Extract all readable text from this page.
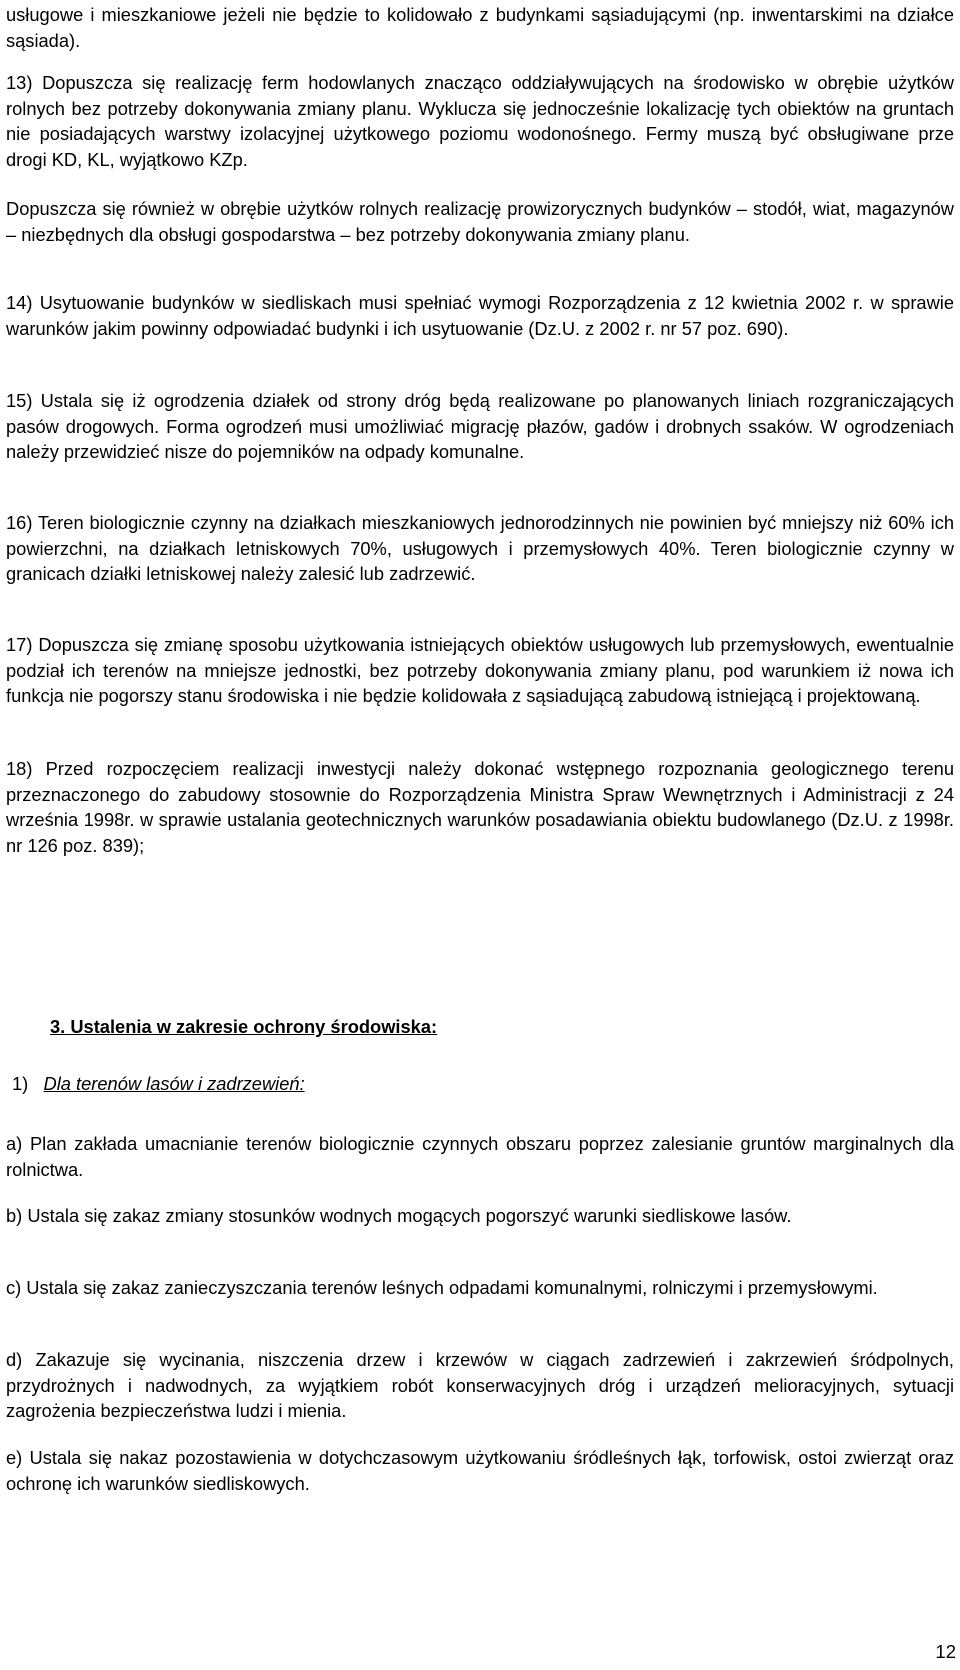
usługowe i mieszkaniowe jeżeli nie będzie to kolidowało z budynkami sąsiadującymi (np. inwentarskimi na działce sąsiada).

13) Dopuszcza się realizację ferm hodowlanych znacząco oddziaływujących na środowisko w obrębie użytków rolnych bez potrzeby dokonywania zmiany planu. Wyklucza się jednocześnie lokalizację tych obiektów na gruntach nie posiadających warstwy izolacyjnej użytkowego poziomu wodonośnego. Fermy muszą być obsługiwane prze drogi KD, KL, wyjątkowo KZp.

Dopuszcza się również w obrębie użytków rolnych realizację prowizorycznych budynków – stodół, wiat, magazynów – niezbędnych dla obsługi gospodarstwa – bez potrzeby dokonywania zmiany planu.

14) Usytuowanie budynków w siedliskach musi spełniać wymogi Rozporządzenia z 12 kwietnia 2002 r. w sprawie warunków jakim powinny odpowiadać budynki i ich usytuowanie (Dz.U. z 2002 r. nr 57 poz. 690).

15) Ustala się iż ogrodzenia działek od strony dróg będą realizowane po planowanych liniach rozgraniczających pasów drogowych. Forma ogrodzeń musi umożliwiać migrację płazów, gadów i drobnych ssaków. W ogrodzeniach należy przewidzieć nisze do pojemników na odpady komunalne.

16) Teren biologicznie czynny na działkach mieszkaniowych jednorodzinnych nie powinien być mniejszy niż 60% ich powierzchni, na działkach letniskowych 70%, usługowych i przemysłowych 40%. Teren biologicznie czynny w granicach działki letniskowej należy zalesić lub zadrzewić.

17) Dopuszcza się zmianę sposobu użytkowania istniejących obiektów usługowych lub przemysłowych, ewentualnie podział ich terenów na mniejsze jednostki, bez potrzeby dokonywania zmiany planu, pod warunkiem iż nowa ich funkcja nie pogorszy stanu środowiska i nie będzie kolidowała z sąsiadującą zabudową istniejącą i projektowaną.

18) Przed rozpoczęciem realizacji inwestycji należy dokonać wstępnego rozpoznania geologicznego terenu przeznaczonego do zabudowy stosownie do Rozporządzenia Ministra Spraw Wewnętrznych i Administracji z 24 września 1998r. w sprawie ustalania geotechnicznych warunków posadawiania obiektu budowlanego (Dz.U. z 1998r. nr 126 poz. 839);

3. Ustalenia w zakresie ochrony środowiska:

1) Dla terenów lasów i zadrzewień:

a) Plan zakłada umacnianie terenów biologicznie czynnych obszaru poprzez zalesianie gruntów marginalnych dla rolnictwa.

b) Ustala się zakaz zmiany stosunków wodnych mogących pogorszyć warunki siedliskowe lasów.

c) Ustala się zakaz zanieczyszczania terenów leśnych odpadami komunalnymi, rolniczymi i przemysłowymi.

d) Zakazuje się wycinania, niszczenia drzew i krzewów w ciągach zadrzewień i zakrzewień śródpolnych, przydrożnych i nadwodnych, za wyjątkiem robót konserwacyjnych dróg i urządzeń melioracyjnych, sytuacji zagrożenia bezpieczeństwa ludzi i mienia.

e) Ustala się nakaz pozostawienia w dotychczasowym użytkowaniu śródleśnych łąk, torfowisk, ostoi zwierząt oraz ochronę ich warunków siedliskowych.

12
